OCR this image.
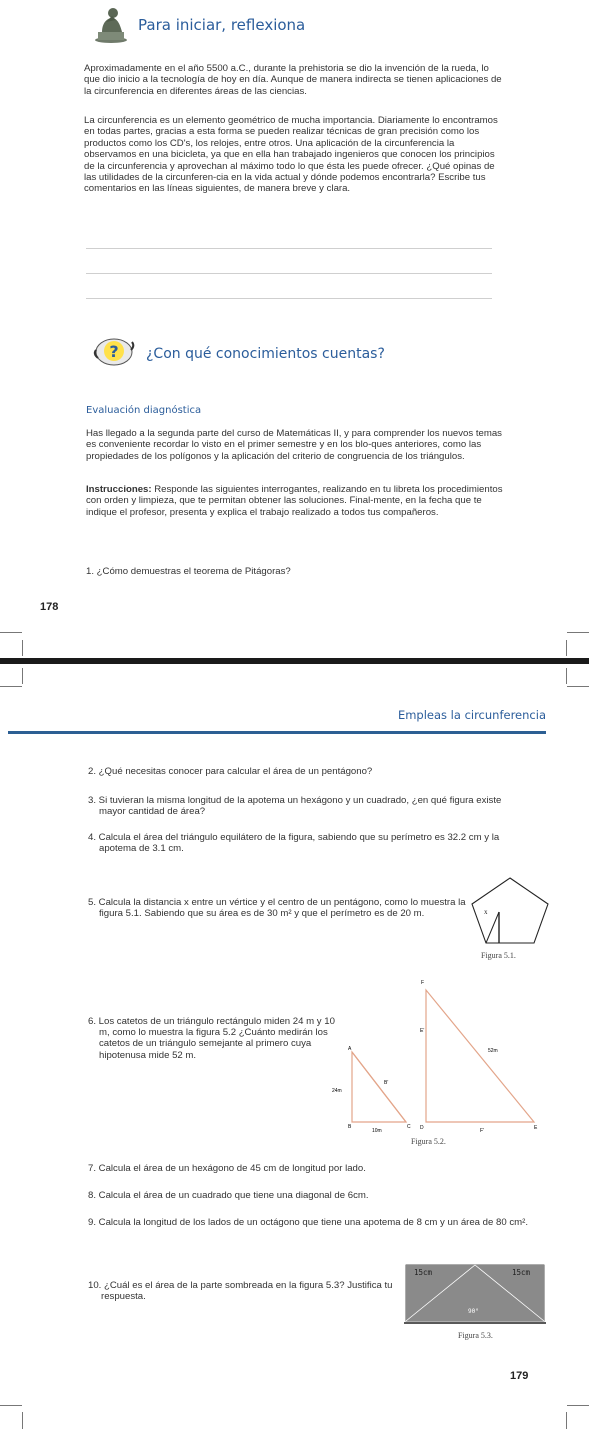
Para iniciar, reflexiona

Aproximadamente en el año 5500 a.C., durante la prehistoria se dio la invención de la rueda, lo que dio inicio a la tecnología de hoy en día. Aunque de manera indirecta se tienen aplicaciones de la circunferencia en diferentes áreas de las ciencias.

La circunferencia es un elemento geométrico de mucha importancia. Diariamente lo encontramos en todas partes, gracias a esta forma se pueden realizar técnicas de gran precisión como los productos como los CD's, los relojes, entre otros. Una aplicación de la circunferencia la observamos en una bicicleta, ya que en ella han trabajado ingenieros que conocen los principios de la circunferencia y aprovechan al máximo todo lo que ésta les puede ofrecer. ¿Qué opinas de las utilidades de la circunferen-cia en la vida actual y dónde podemos encontrarla? Escribe tus comentarios en las líneas siguientes, de manera breve y clara.

? ¿Con qué conocimientos cuentas?
Evaluación diagnóstica

Has llegado a la segunda parte del curso de Matemáticas II, y para comprender los nuevos temas es conveniente recordar lo visto en el primer semestre y en los blo-ques anteriores, como las propiedades de los polígonos y la aplicación del criterio de congruencia de los triángulos.

Instrucciones: Responde las siguientes interrogantes, realizando en tu libreta los procedimientos con orden y limpieza, que te permitan obtener las soluciones. Final-mente, en la fecha que te indique el profesor, presenta y explica el trabajo realizado a todos tus compañeros.

1. ¿Cómo demuestras el teorema de Pitágoras?
178
Empleas la circunferencia
2. ¿Qué necesitas conocer para calcular el área de un pentágono?
3. Si tuvieran la misma longitud de la apotema un hexágono y un cuadrado, ¿en qué figura existe mayor cantidad de área?
4. Calcula el área del triángulo equilátero de la figura, sabiendo que su perímetro es 32.2 cm y la apotema de 3.1 cm.
5. Calcula la distancia x entre un vértice y el centro de un pentágono, como lo muestra la figura 5.1. Sabiendo que su área es de 30 m² y que el perímetro es de 20 m.	x
Figura 5.1.
6. Los catetos de un triángulo rectángulo miden 24 m y 10 m, como lo muestra la figura 5.2 ¿Cuánto medirán los catetos de un triángulo semejante al primero cuya hipotenusa mide 52 m.
A
B	C
B'
24m
10m
F
E'
D	F'	E
52m
Figura 5.2.
7. Calcula el área de un hexágono de 45 cm de longitud por lado.
8. Calcula el área de un cuadrado que tiene una diagonal de 6cm.
9. Calcula la longitud de los lados de un octágono que tiene una apotema de 8 cm y un área de 80 cm².
10. ¿Cuál es el área de la parte sombreada en la figura 5.3? Justifica tu respuesta.
15cm	15cm
90°
Figura 5.3.
179
